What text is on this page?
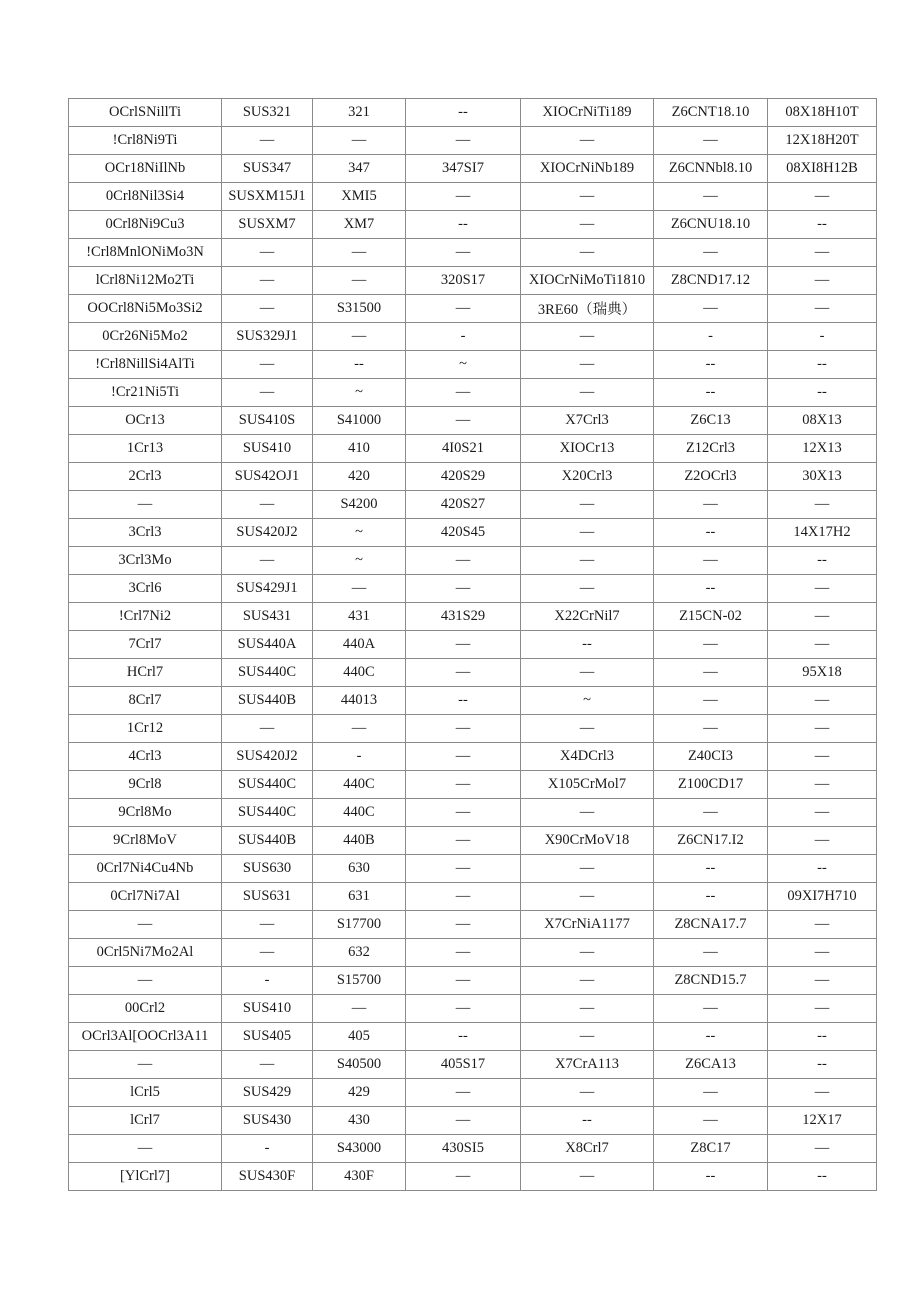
OCrlSNillTi	SUS321	321	--	XIOCrNiTi189	Z6CNT18.10	08X18H10T
!Crl8Ni9Ti	—	—	—	—	—	12X18H20T
OCr18NiIlNb	SUS347	347	347SI7	XIOCrNiNb189	Z6CNNbl8.10	08XI8H12B
0Crl8Nil3Si4	SUSXM15J1	XMI5	—	—	—	—
0Crl8Ni9Cu3	SUSXM7	XM7	--	—	Z6CNU18.10	--
!Crl8MnlONiMo3N	—	—	—	—	—	—
lCrl8Ni12Mo2Ti	—	—	320S17	XIOCrNiMoTi1810	Z8CND17.12	—
OOCrl8Ni5Mo3Si2	—	S31500	—	3RE60（瑞典）	—	—
0Cr26Ni5Mo2	SUS329J1	—	-	—	-	-
!Crl8NillSi4AlTi	—	--	~	—	--	--
!Cr21Ni5Ti	—	~	—	—	--	--
OCr13	SUS410S	S41000	—	X7Crl3	Z6C13	08X13
1Cr13	SUS410	410	4I0S21	XIOCr13	Z12Crl3	12X13
2Crl3	SUS42OJ1	420	420S29	X20Crl3	Z2OCrl3	30X13
—	—	S4200	420S27	—	—	—
3Crl3	SUS420J2	~	420S45	—	--	14X17H2
3Crl3Mo	—	~	—	—	—	--
3Crl6	SUS429J1	—	—	—	--	—
!Crl7Ni2	SUS431	431	431S29	X22CrNil7	Z15CN-02	—
7Crl7	SUS440A	440A	—	--	—	—
HCrl7	SUS440C	440C	—	—	—	95X18
8Crl7	SUS440B	44013	--	~	—	—
1Cr12	—	—	—	—	—	—
4Crl3	SUS420J2	-	—	X4DCrl3	Z40CI3	—
9Crl8	SUS440C	440C	—	X105CrMol7	Z100CD17	—
9Crl8Mo	SUS440C	440C	—	—	—	—
9Crl8MoV	SUS440B	440B	—	X90CrMoV18	Z6CN17.I2	—
0Crl7Ni4Cu4Nb	SUS630	630	—	—	--	--
0Crl7Ni7Al	SUS631	631	—	—	--	09XI7H710
—	—	S17700	—	X7CrNiA1177	Z8CNA17.7	—
0Crl5Ni7Mo2Al	—	632	—	—	—	—
—	-	S15700	—	—	Z8CND15.7	—
00Crl2	SUS410	—	—	—	—	—
OCrl3Al[OOCrl3A11	SUS405	405	--	—	--	--
—	—	S40500	405S17	X7CrA113	Z6CA13	--
lCrl5	SUS429	429	—	—	—	—
lCrl7	SUS430	430	—	--	—	12X17
—	-	S43000	430SI5	X8Crl7	Z8C17	—
[YlCrl7]	SUS430F	430F	—	—	--	--
